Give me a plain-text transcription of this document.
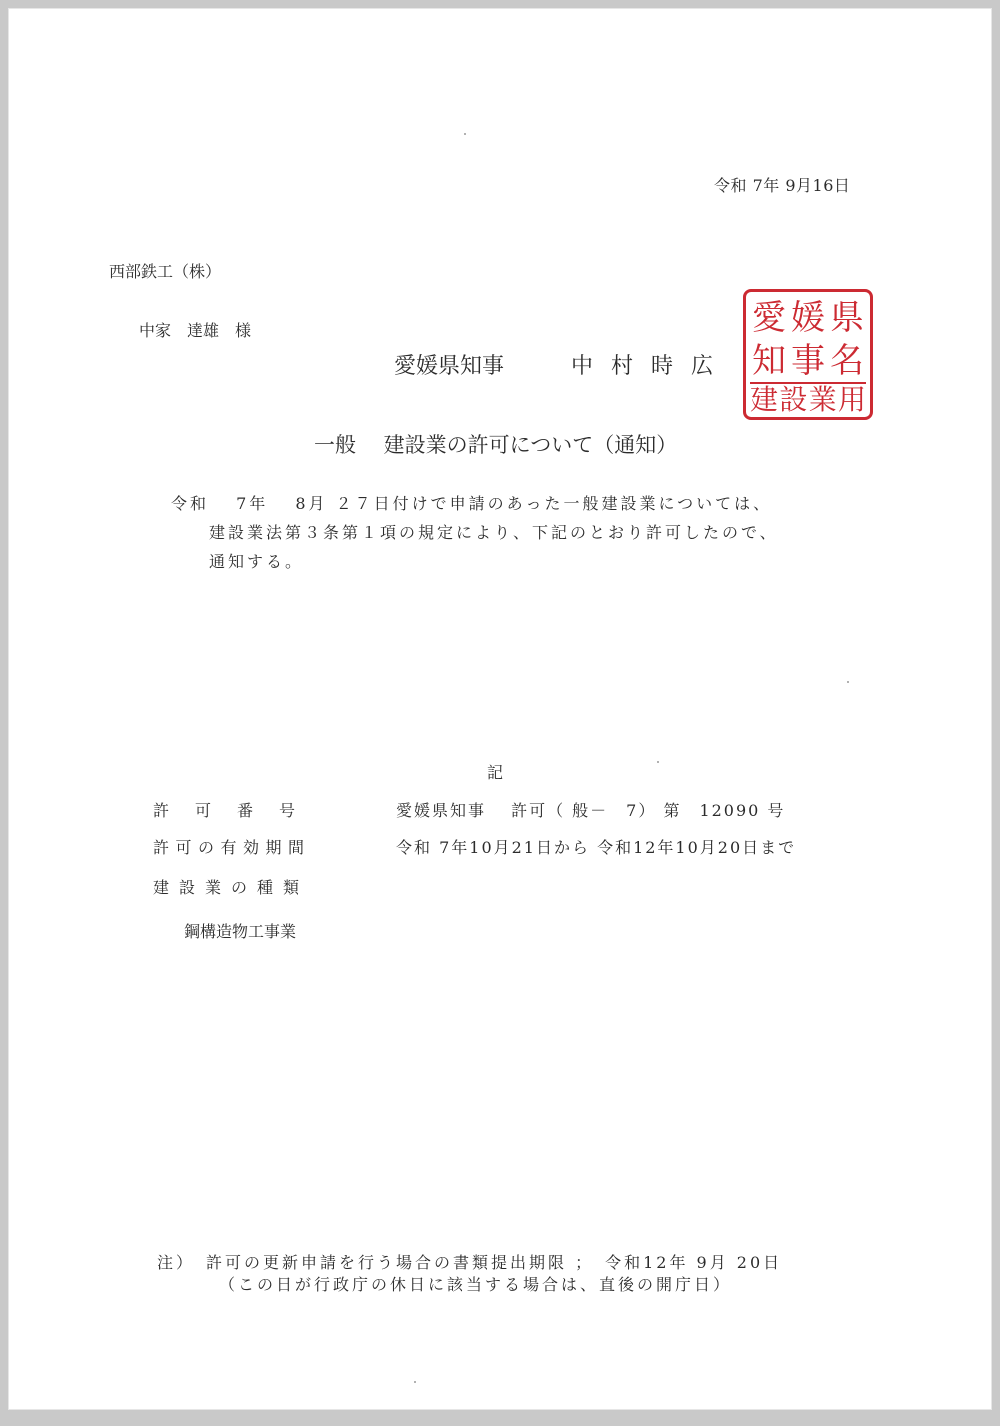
令和 7年 9月16日
西部鉄工（株）
中家　達雄　様
愛媛県知事	中村時広
県
名
媛
事
愛
知
建 設 業 用
一般　 建設業の許可について（通知）
令和　 7年　 8月 ２７日付けで申請のあった一般建設業については、
建設業法第３条第１項の規定により、下記のとおり許可したので、
通知する。
記
許可番号	愛媛県知事　 許可（ 般－　7） 第　12090 号
許可の有効期間	令和 7年10月21日から 令和12年10月20日まで
建設業の種類
鋼構造物工事業
注）　許可の更新申請を行う場合の書類提出期限 ；　令和12年 9月 20日
（この日が行政庁の休日に該当する場合は、直後の開庁日）
